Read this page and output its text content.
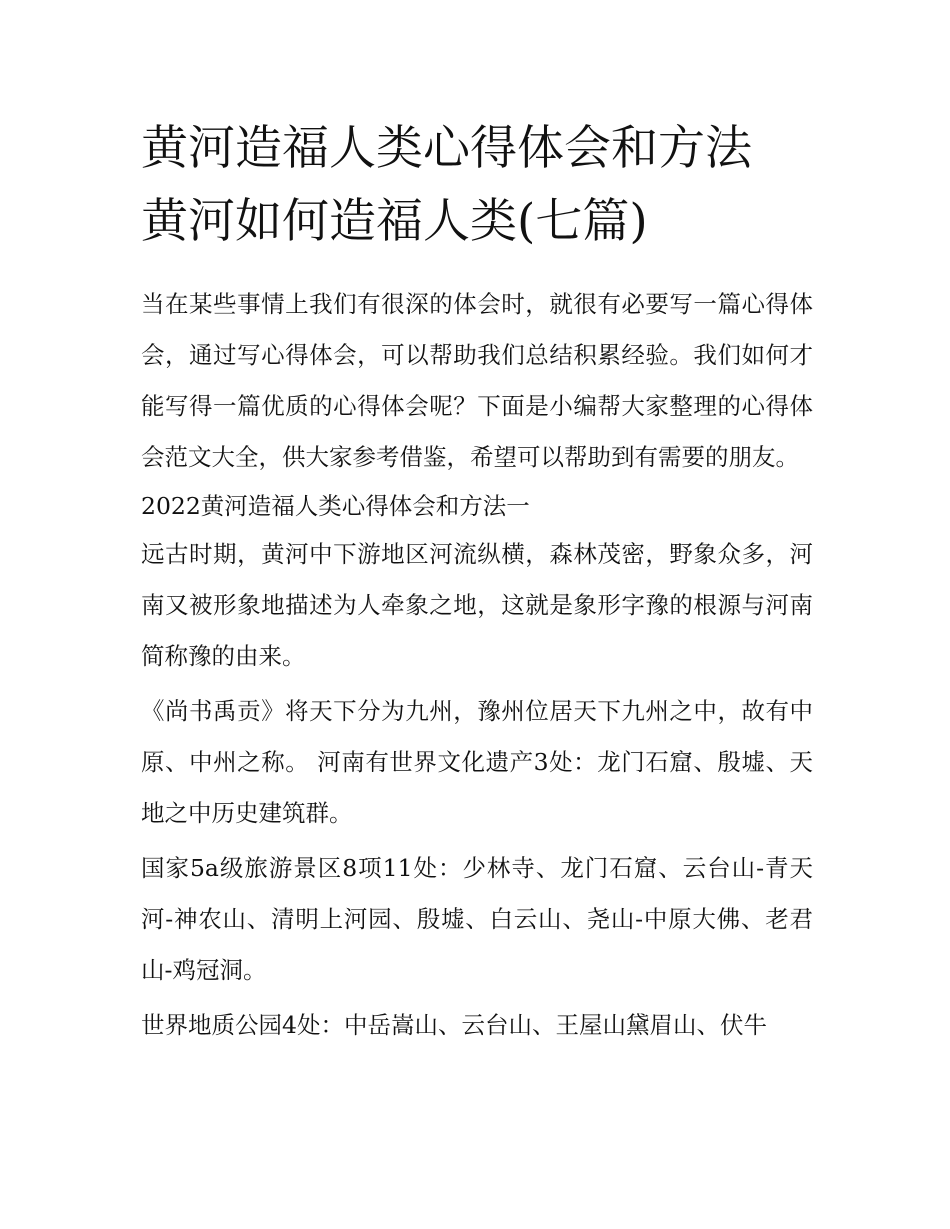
黄河造福人类心得体会和方法
黄河如何造福人类(七篇)

当在某些事情上我们有很深的体会时，就很有必要写一篇心得体会，通过写心得体会，可以帮助我们总结积累经验。我们如何才能写得一篇优质的心得体会呢？下面是小编帮大家整理的心得体会范文大全，供大家参考借鉴，希望可以帮助到有需要的朋友。

2022黄河造福人类心得体会和方法一

远古时期，黄河中下游地区河流纵横，森林茂密，野象众多，河南又被形象地描述为人牵象之地，这就是象形字豫的根源与河南简称豫的由来。

《尚书禹贡》将天下分为九州，豫州位居天下九州之中，故有中原、中州之称。 河南有世界文化遗产3处：龙门石窟、殷墟、天地之中历史建筑群。

国家5a级旅游景区8项11处：少林寺、龙门石窟、云台山-青天河-神农山、清明上河园、殷墟、白云山、尧山-中原大佛、老君山-鸡冠洞。

世界地质公园4处：中岳嵩山、云台山、王屋山黛眉山、伏牛
